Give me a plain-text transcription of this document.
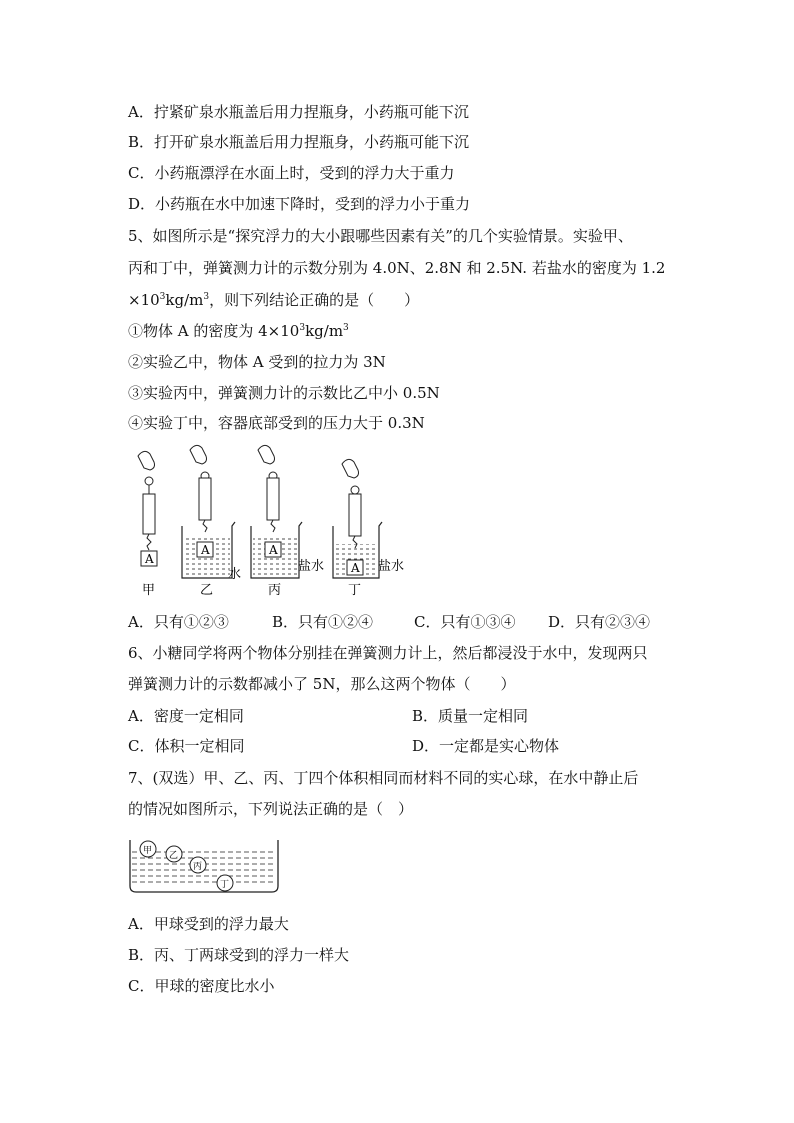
A．拧紧矿泉水瓶盖后用力捏瓶身，小药瓶可能下沉
B．打开矿泉水瓶盖后用力捏瓶身，小药瓶可能下沉
C．小药瓶漂浮在水面上时，受到的浮力大于重力
D．小药瓶在水中加速下降时，受到的浮力小于重力
5、如图所示是“探究浮力的大小跟哪些因素有关”的几个实验情景。实验甲、
丙和丁中，弹簧测力计的示数分别为 4.0N、2.8N 和 2.5N. 若盐水的密度为 1.2
$\times 10^3kg/m^3$，则下列结论正确的是（　　）
①物体 A 的密度为 $4\times 10^3kg/m^3$
②实验乙中，物体 A 受到的拉力为 3N
③实验丙中，弹簧测力计的示数比乙中小 0.5N
④实验丁中，容器底部受到的压力大于 0.3N
A
甲
A
水
乙
A
盐水
丙
A 盐水
丁
A．只有①②③	B．只有①②④	C．只有①③④ D．只有②③④
6、小糖同学将两个物体分别挂在弹簧测力计上，然后都浸没于水中，发现两只
弹簧测力计的示数都减小了 5N，那么这两个物体（　　）
A．密度一定相同	B．质量一定相同
C．体积一定相同	D．一定都是实心物体
7、(双选）甲、乙、丙、丁四个体积相同而材料不同的实心球，在水中静止后
的情况如图所示，下列说法正确的是（　）
甲 乙
丙
丁
A．甲球受到的浮力最大
B．丙、丁两球受到的浮力一样大
C．甲球的密度比水小
